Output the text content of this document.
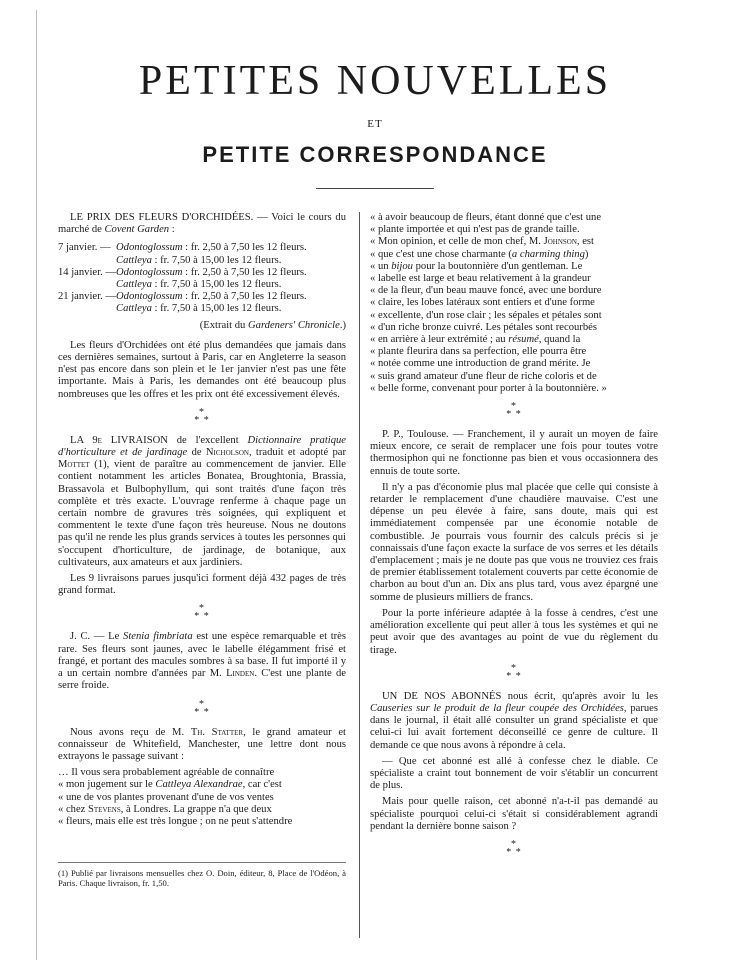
PETITES NOUVELLES
ET
PETITE CORRESPONDANCE

LE PRIX DES FLEURS D'ORCHIDÉES. — Voici le cours du marché de Covent Garden :

7 janvier. — Odontoglossum : fr. 2,50 à 7,50 les 12 fleurs.
Cattleya : fr. 7,50 à 15,00 les 12 fleurs.
14 janvier. — Odontoglossum : fr. 2,50 à 7,50 les 12 fleurs.
Cattleya : fr. 7,50 à 15,00 les 12 fleurs.
21 janvier. — Odontoglossum : fr. 2,50 à 7,50 les 12 fleurs.
Cattleya : fr. 7,50 à 15,00 les 12 fleurs.

(Extrait du Gardeners' Chronicle.)

Les fleurs d'Orchidées ont été plus demandées que jamais dans ces dernières semaines, surtout à Paris, car en Angleterre la season n'est pas encore dans son plein et le 1er janvier n'est pas une fête importante. Mais à Paris, les demandes ont été beaucoup plus nombreuses que les offres et les prix ont été excessivement élevés.

*
* *

LA 9e LIVRAISON de l'excellent Dictionnaire pratique d'horticulture et de jardinage de Nicholson, traduit et adopté par Mottet (1), vient de paraître au commencement de janvier. Elle contient notamment les articles Bonatea, Broughtonia, Brassia, Brassavola et Bulbophyllum, qui sont traités d'une façon très complète et très exacte. L'ouvrage renferme à chaque page un certain nombre de gravures très soignées, qui expliquent et commentent le texte d'une façon très heureuse. Nous ne doutons pas qu'il ne rende les plus grands services à toutes les personnes qui s'occupent d'horticulture, de jardinage, de botanique, aux cultivateurs, aux amateurs et aux jardiniers.

Les 9 livraisons parues jusqu'ici forment déjà 432 pages de très grand format.

*
* *

J. C. — Le Stenia fimbriata est une espèce remarquable et très rare. Ses fleurs sont jaunes, avec le labelle élégamment frisé et frangé, et portant des macules sombres à sa base. Il fut importé il y a un certain nombre d'années par M. Linden. C'est une plante de serre froide.

*
* *

Nous avons reçu de M. Th. Statter, le grand amateur et connaisseur de Whitefield, Manchester, une lettre dont nous extrayons le passage suivant :

… Il vous sera probablement agréable de connaître
« mon jugement sur le Cattleya Alexandrae, car c'est
« une de vos plantes provenant d'une de vos ventes
« chez Stevens, à Londres. La grappe n'a que deux
« fleurs, mais elle est très longue ; on ne peut s'attendre
« à avoir beaucoup de fleurs, étant donné que c'est une
« plante importée et qui n'est pas de grande taille.
« Mon opinion, et celle de mon chef, M. Johnson, est
« que c'est une chose charmante (a charming thing)
« un bijou pour la boutonnière d'un gentleman. Le
« labelle est large et beau relativement à la grandeur
« de la fleur, d'un beau mauve foncé, avec une bordure
« claire, les lobes latéraux sont entiers et d'une forme
« excellente, d'un rose clair ; les sépales et pétales sont
« d'un riche bronze cuivré. Les pétales sont recourbés
« en arrière à leur extrémité ; au résumé, quand la
« plante fleurira dans sa perfection, elle pourra être
« notée comme une introduction de grand mérite. Je
« suis grand amateur d'une fleur de riche coloris et de
« belle forme, convenant pour porter à la boutonnière. »
*
* *

P. P., Toulouse. — Franchement, il y aurait un moyen de faire mieux encore, ce serait de remplacer une fois pour toutes votre thermosiphon qui ne fonctionne pas bien et vous occasionnera des ennuis de toute sorte.

Il n'y a pas d'économie plus mal placée que celle qui consiste à retarder le remplacement d'une chaudière mauvaise. C'est une dépense un peu élevée à faire, sans doute, mais qui est immédiatement compensée par une économie notable de combustible. Je pourrais vous fournir des calculs précis si je connaissais d'une façon exacte la surface de vos serres et les détails d'emplacement ; mais je ne doute pas que vous ne trouviez ces frais de premier établissement totalement couverts par cette économie de charbon au bout d'un an. Dix ans plus tard, vous avez épargné une somme de plusieurs milliers de francs.

Pour la porte inférieure adaptée à la fosse à cendres, c'est une amélioration excellente qui peut aller à tous les systèmes et qui ne peut avoir que des avantages au point de vue du règlement du tirage.

*
* *

UN DE NOS ABONNÉS nous écrit, qu'après avoir lu les Causeries sur le produit de la fleur coupée des Orchidées, parues dans le journal, il était allé consulter un grand spécialiste et que celui-ci lui avait fortement déconseillé ce genre de culture. Il demande ce que nous avons à répondre à cela.

— Que cet abonné est allé à confesse chez le diable. Ce spécialiste a craint tout bonnement de voir s'établir un concurrent de plus.

Mais pour quelle raison, cet abonné n'a-t-il pas demandé au spécialiste pourquoi celui-ci s'était si considérablement agrandi pendant la dernière bonne saison ?

*
* *
(1) Publié par livraisons mensuelles chez O. Doin, éditeur, 8, Place de l'Odéon, à Paris. Chaque livraison, fr. 1,50.
